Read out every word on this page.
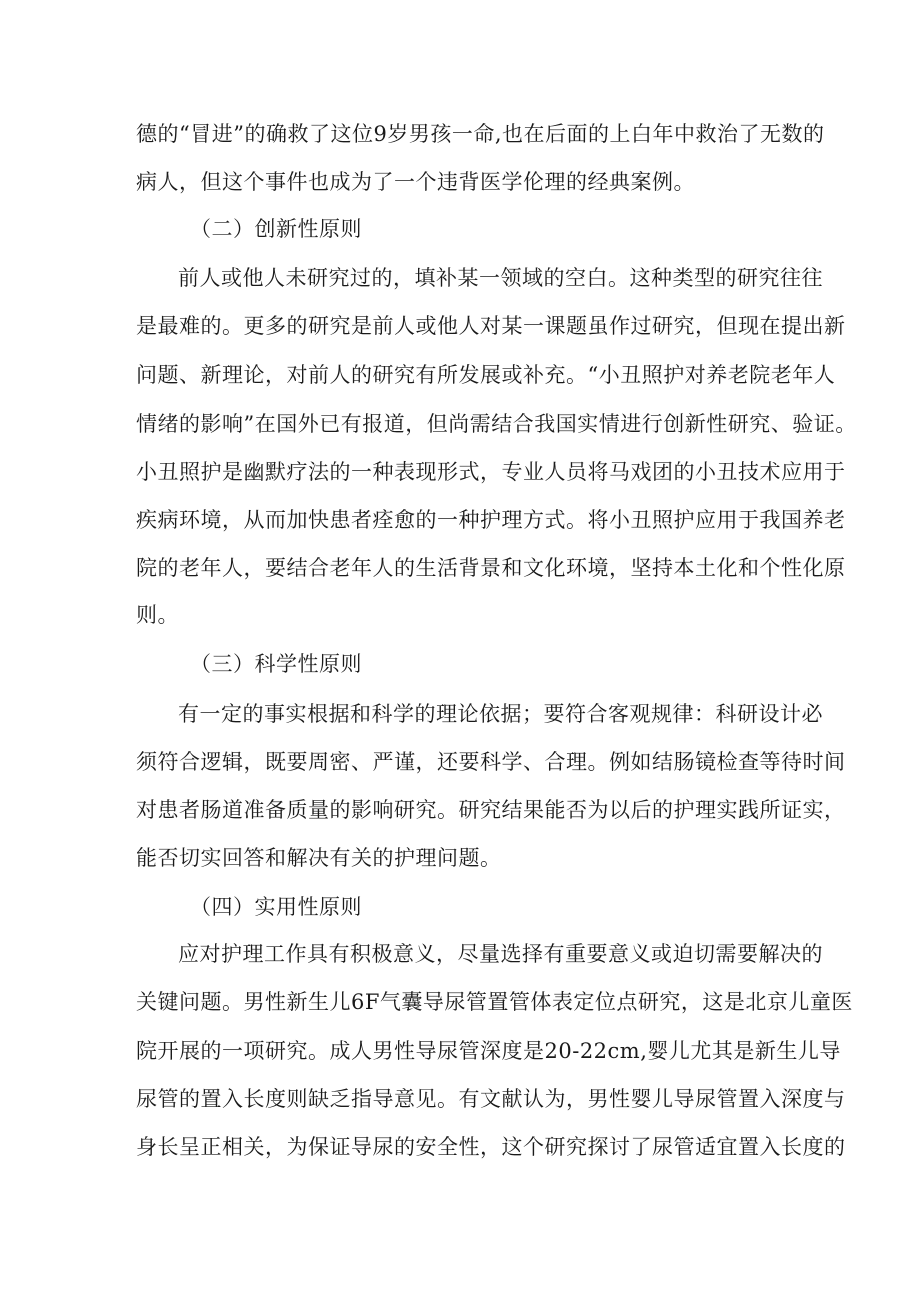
德的“冒进”的确救了这位9岁男孩一命,也在后面的上白年中救治了无数的
病人，但这个事件也成为了一个违背医学伦理的经典案例。
（二）创新性原则
前人或他人未研究过的，填补某一领域的空白。这种类型的研究往往
是最难的。更多的研究是前人或他人对某一课题虽作过研究，但现在提出新
问题、新理论，对前人的研究有所发展或补充。“小丑照护对养老院老年人
情绪的影响”在国外已有报道，但尚需结合我国实情进行创新性研究、验证。
小丑照护是幽默疗法的一种表现形式，专业人员将马戏团的小丑技术应用于
疾病环境，从而加快患者痊愈的一种护理方式。将小丑照护应用于我国养老
院的老年人，要结合老年人的生活背景和文化环境，坚持本土化和个性化原
则。
（三）科学性原则
有一定的事实根据和科学的理论依据；要符合客观规律：科研设计必
须符合逻辑，既要周密、严谨，还要科学、合理。例如结肠镜检查等待时间
对患者肠道准备质量的影响研究。研究结果能否为以后的护理实践所证实，
能否切实回答和解决有关的护理问题。
（四）实用性原则
应对护理工作具有积极意义，尽量选择有重要意义或迫切需要解决的
关键问题。男性新生儿6F气囊导尿管置管体表定位点研究，这是北京儿童医
院开展的一项研究。成人男性导尿管深度是20-22cm,婴儿尤其是新生儿导
尿管的置入长度则缺乏指导意见。有文献认为，男性婴儿导尿管置入深度与
身长呈正相关，为保证导尿的安全性，这个研究探讨了尿管适宜置入长度的
